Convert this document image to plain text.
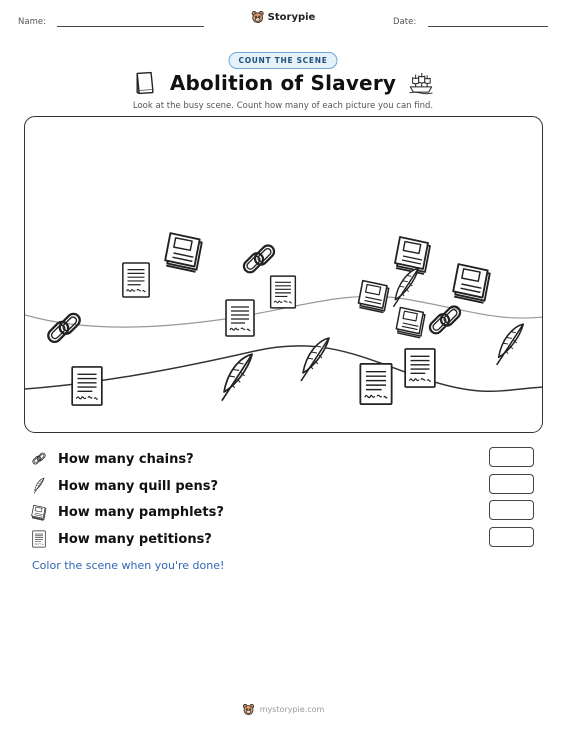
Name:	Storypie	Date:
COUNT THE SCENE
Abolition of Slavery
Look at the busy scene. Count how many of each picture you can find.
How many chains?
How many quill pens?
How many pamphlets?
How many petitions?
Color the scene when you're done!
mystorypie.com
